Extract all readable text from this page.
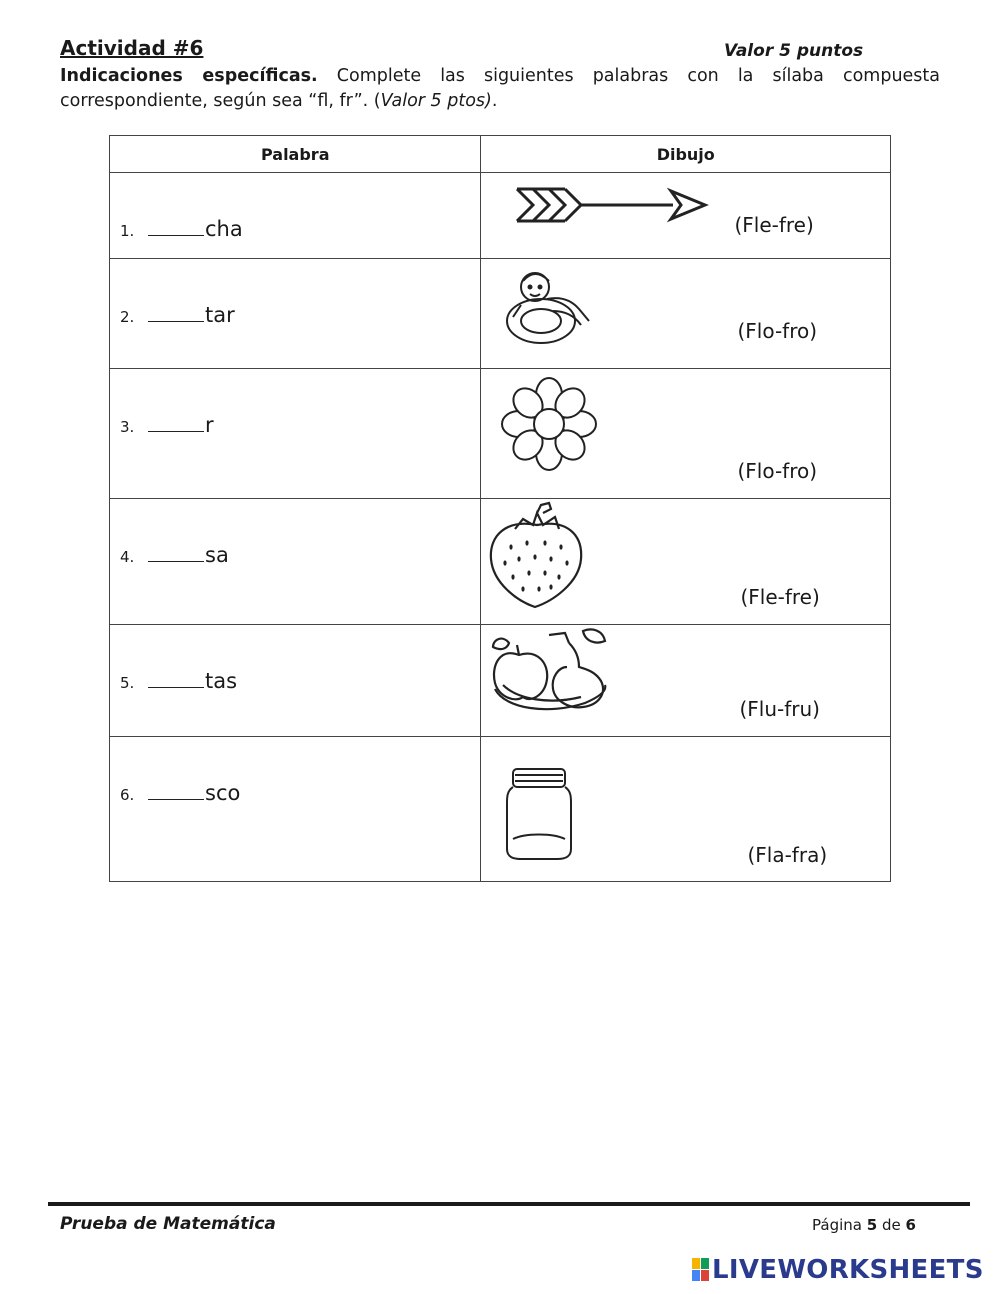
Actividad #6	Valor 5 puntos
Indicaciones específicas. Complete las siguientes palabras con la sílaba compuesta correspondiente, según sea “fl, fr”. (Valor 5 ptos).
Palabra	Dibujo

1. cha	(Fle-fre)

2. tar	(Flo-fro)

3. r	(Flo-fro)

4. sa	(Fle-fre)

5. tas	(Flu-fru)

6. sco	(Fla-fra)
Prueba de Matemática	Página 5 de 6
LIVEWORKSHEETS
